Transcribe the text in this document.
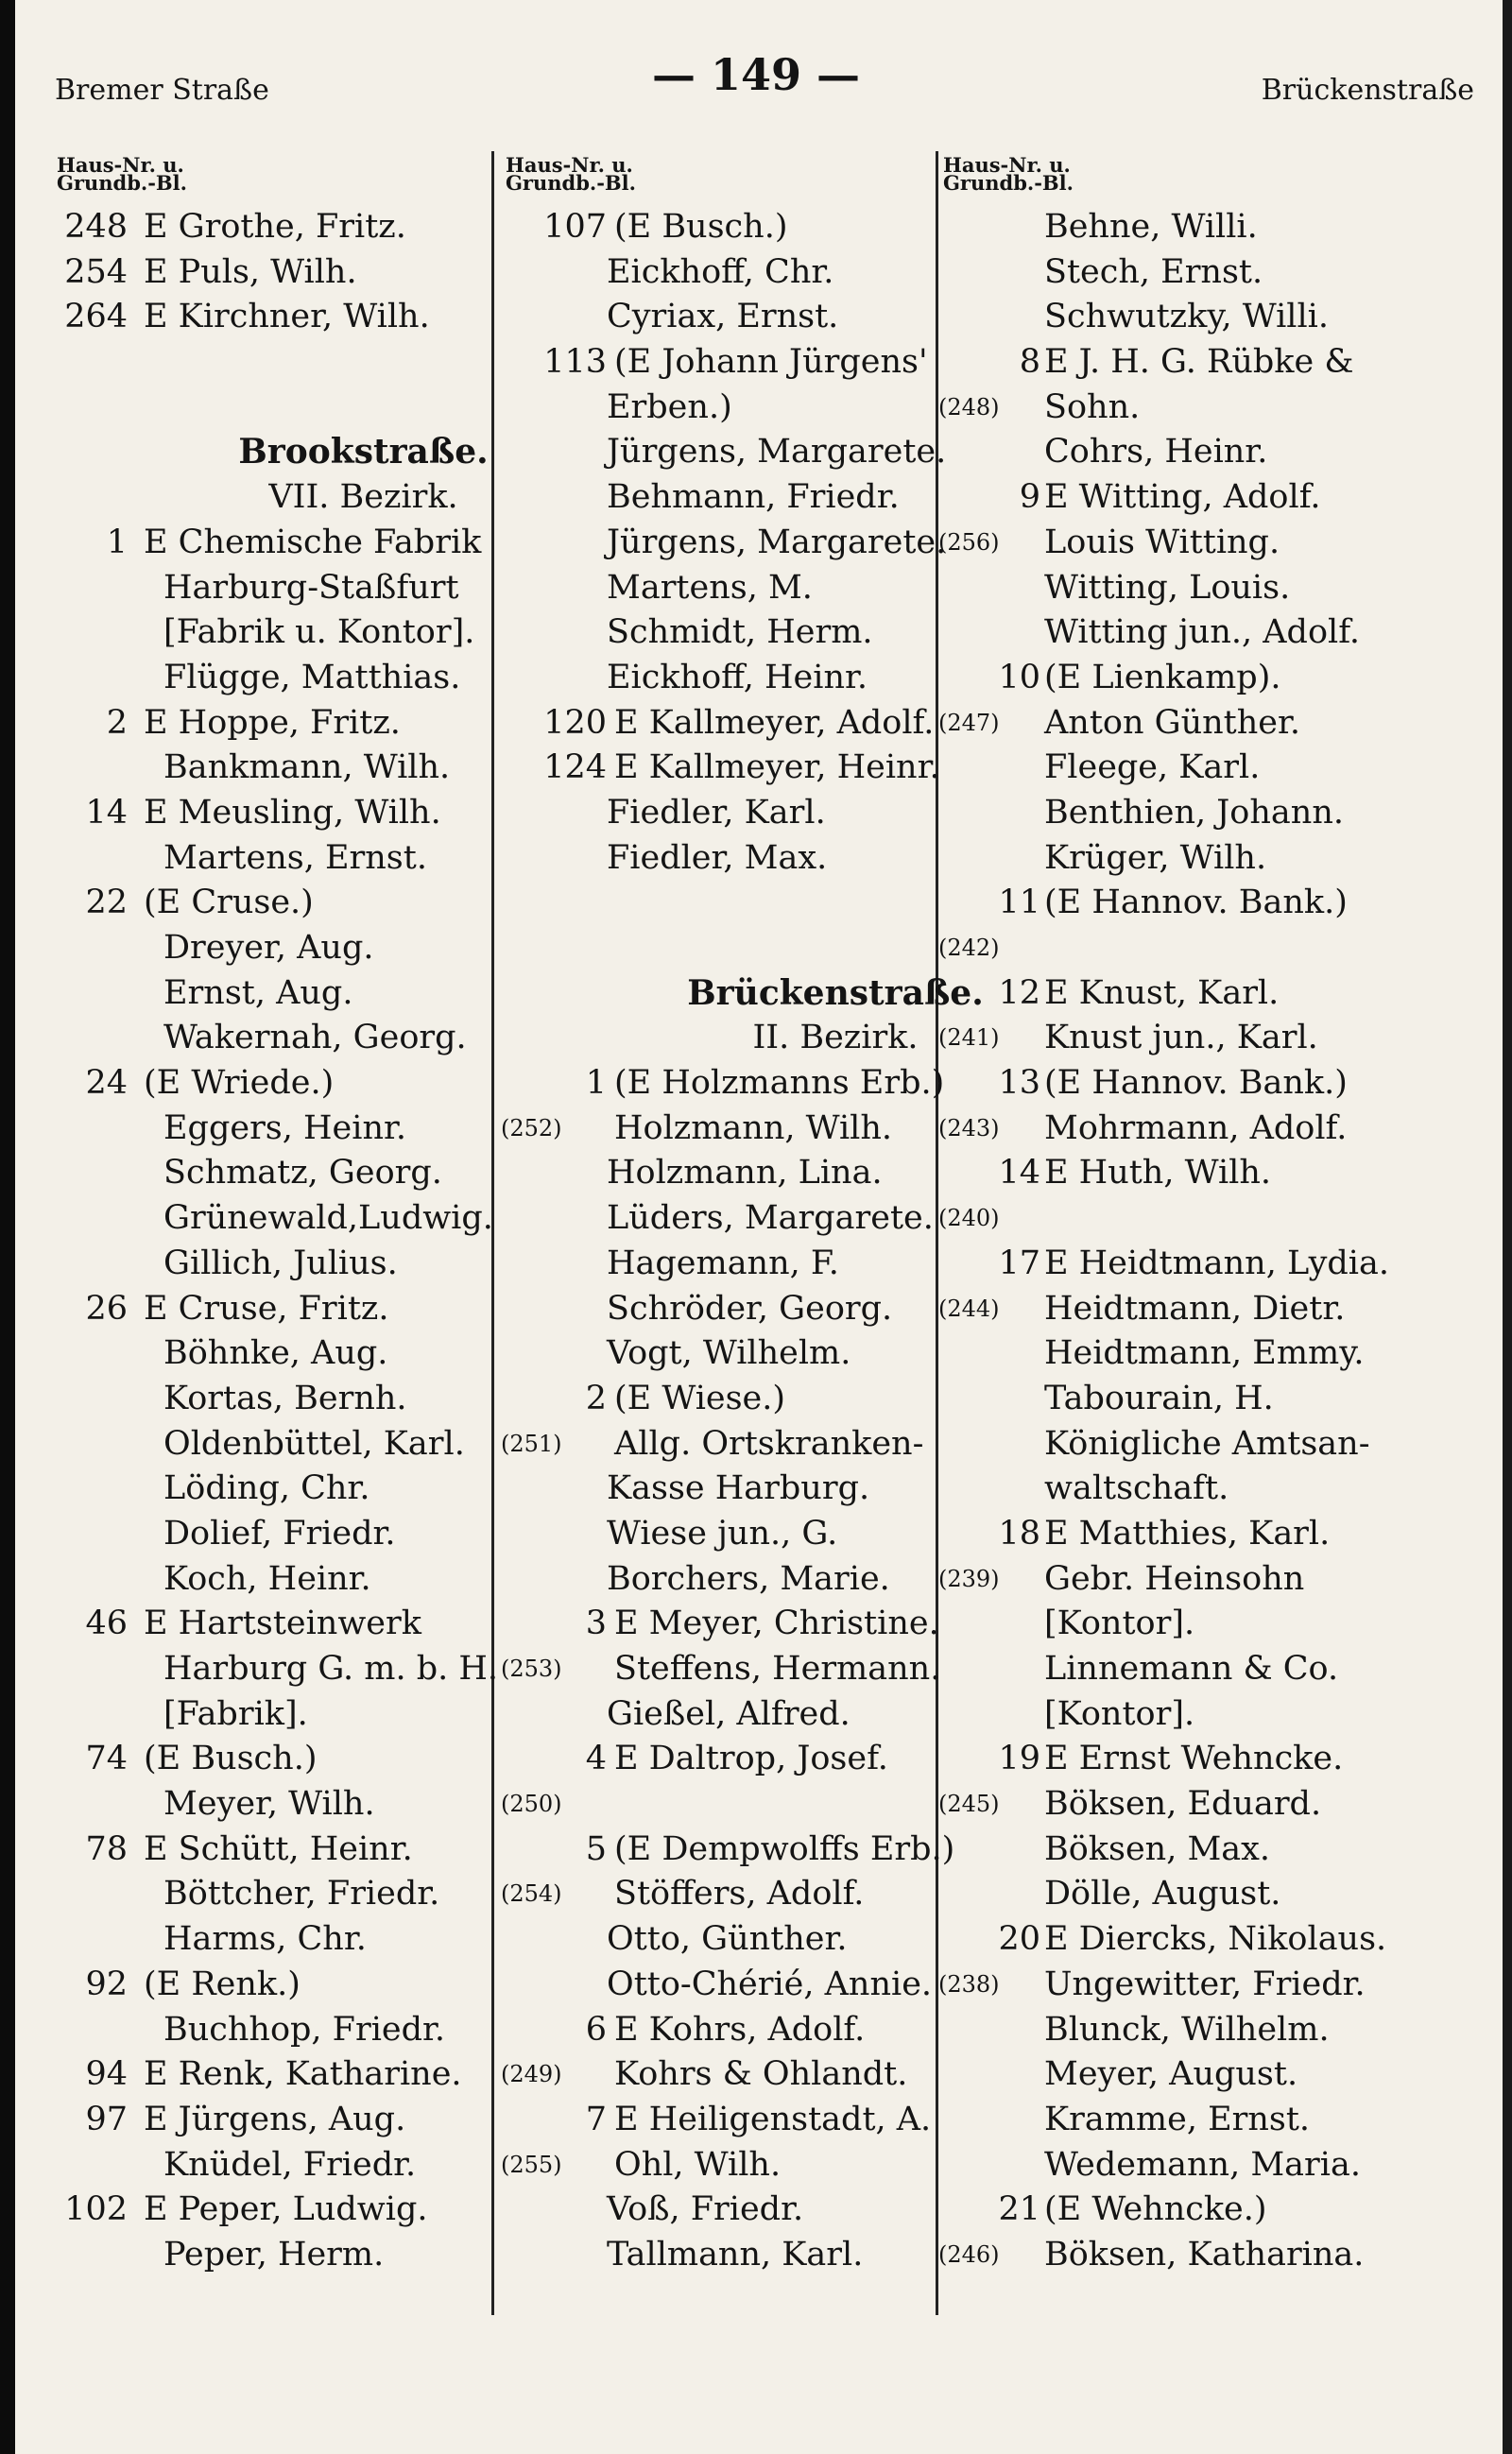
Bremer Straße	— 149 —	Brückenstraße
Haus-Nr. u.
Grundb.-Bl.
248 E Grothe, Fritz.
254 E Puls, Wilh.
264 E Kirchner, Wilh.
Brookstraße.
VII. Bezirk.
1 E Chemische Fabrik
Harburg-Staßfurt
[Fabrik u. Kontor].
Flügge, Matthias.
2 E Hoppe, Fritz.
Bankmann, Wilh.
14 E Meusling, Wilh.
Martens, Ernst.
22 (E Cruse.)
Dreyer, Aug.
Ernst, Aug.
Wakernah, Georg.
24 (E Wriede.)
Eggers, Heinr.
Schmatz, Georg.
Grünewald,Ludwig.
Gillich, Julius.
26 E Cruse, Fritz.
Böhnke, Aug.
Kortas, Bernh.
Oldenbüttel, Karl.
Löding, Chr.
Dolief, Friedr.
Koch, Heinr.
46 E Hartsteinwerk
Harburg G. m. b. H.
[Fabrik].
74 (E Busch.)
Meyer, Wilh.
78 E Schütt, Heinr.
Böttcher, Friedr.
Harms, Chr.
92 (E Renk.)
Buchhop, Friedr.
94 E Renk, Katharine.
97 E Jürgens, Aug.
Knüdel, Friedr.
102 E Peper, Ludwig.
Peper, Herm.
Haus-Nr. u.
Grundb.-Bl.
107 (E Busch.)
Eickhoff, Chr.
Cyriax, Ernst.
113 (E Johann Jürgens'
Erben.)
Jürgens, Margarete.
Behmann, Friedr.
Jürgens, Margarete.
Martens, M.
Schmidt, Herm.
Eickhoff, Heinr.
120 E Kallmeyer, Adolf.
124 E Kallmeyer, Heinr.
Fiedler, Karl.
Fiedler, Max.
Brückenstraße.
II. Bezirk.
1 (E Holzmanns Erb.)
(252) Holzmann, Wilh.
Holzmann, Lina.
Lüders, Margarete.
Hagemann, F.
Schröder, Georg.
Vogt, Wilhelm.
2 (E Wiese.)
(251) Allg. Ortskranken-
Kasse Harburg.
Wiese jun., G.
Borchers, Marie.
3 E Meyer, Christine.
(253) Steffens, Hermann.
Gießel, Alfred.
4 E Daltrop, Josef.
(250)
5 (E Dempwolffs Erb.)
(254) Stöffers, Adolf.
Otto, Günther.
Otto-Chérié, Annie.
6 E Kohrs, Adolf.
(249) Kohrs & Ohlandt.
7 E Heiligenstadt, A.
(255) Ohl, Wilh.
Voß, Friedr.
Tallmann, Karl.
Haus-Nr. u.
Grundb.-Bl.
Behne, Willi.
Stech, Ernst.
Schwutzky, Willi.
8 E J. H. G. Rübke &
(248) Sohn.
Cohrs, Heinr.
9 E Witting, Adolf.
(256) Louis Witting.
Witting, Louis.
Witting jun., Adolf.
10 (E Lienkamp).
(247) Anton Günther.
Fleege, Karl.
Benthien, Johann.
Krüger, Wilh.
11 (E Hannov. Bank.)
(242)
12 E Knust, Karl.
(241) Knust jun., Karl.
13 (E Hannov. Bank.)
(243) Mohrmann, Adolf.
14 E Huth, Wilh.
(240)
17 E Heidtmann, Lydia.
(244) Heidtmann, Dietr.
Heidtmann, Emmy.
Tabourain, H.
Königliche Amtsan-
waltschaft.
18 E Matthies, Karl.
(239) Gebr. Heinsohn
[Kontor].
Linnemann & Co.
[Kontor].
19 E Ernst Wehncke.
(245) Böksen, Eduard.
Böksen, Max.
Dölle, August.
20 E Diercks, Nikolaus.
(238) Ungewitter, Friedr.
Blunck, Wilhelm.
Meyer, August.
Kramme, Ernst.
Wedemann, Maria.
21 (E Wehncke.)
(246) Böksen, Katharina.
